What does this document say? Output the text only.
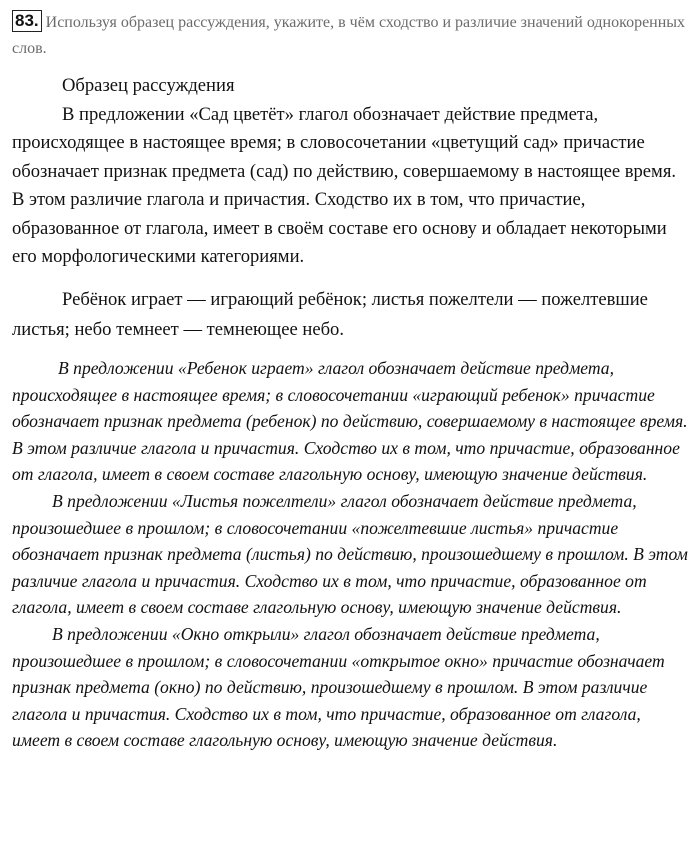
83. Используя образец рассуждения, укажите, в чём сходство и различие значений однокоренных слов.
Образец рассуждения

В предложении «Сад цветёт» глагол обозначает действие предмета, происходящее в настоящее время; в словосочетании «цветущий сад» причастие обозначает признак предмета (сад) по действию, совершаемому в настоящее время. В этом различие глагола и причастия. Сходство их в том, что причастие, образованное от глагола, имеет в своём составе его основу и обладает некоторыми его морфологическими категориями.

Ребёнок играет — играющий ребёнок; листья пожелтели — пожелтевшие листья; небо темнеет — темнеющее небо.

В предложении «Ребенок играет» глагол обозначает действие предмета, происходящее в настоящее время; в словосочетании «играющий ребенок» причастие обозначает признак предмета (ребенок) по действию, совершаемому в настоящее время. В этом различие глагола и причастия. Сходство их в том, что причастие, образованное от глагола, имеет в своем составе глагольную основу, имеющую значение действия.

В предложении «Листья пожелтели» глагол обозначает действие предмета, произошедшее в прошлом; в словосочетании «пожелтевшие листья» причастие обозначает признак предмета (листья) по действию, произошедшему в прошлом. В этом различие глагола и причастия. Сходство их в том, что причастие, образованное от глагола, имеет в своем составе глагольную основу, имеющую значение действия.

В предложении «Окно открыли» глагол обозначает действие предмета, произошедшее в прошлом; в словосочетании «открытое окно» причастие обозначает признак предмета (окно) по действию, произошедшему в прошлом. В этом различие глагола и причастия. Сходство их в том, что причастие, образованное от глагола, имеет в своем составе глагольную основу, имеющую значение действия.
